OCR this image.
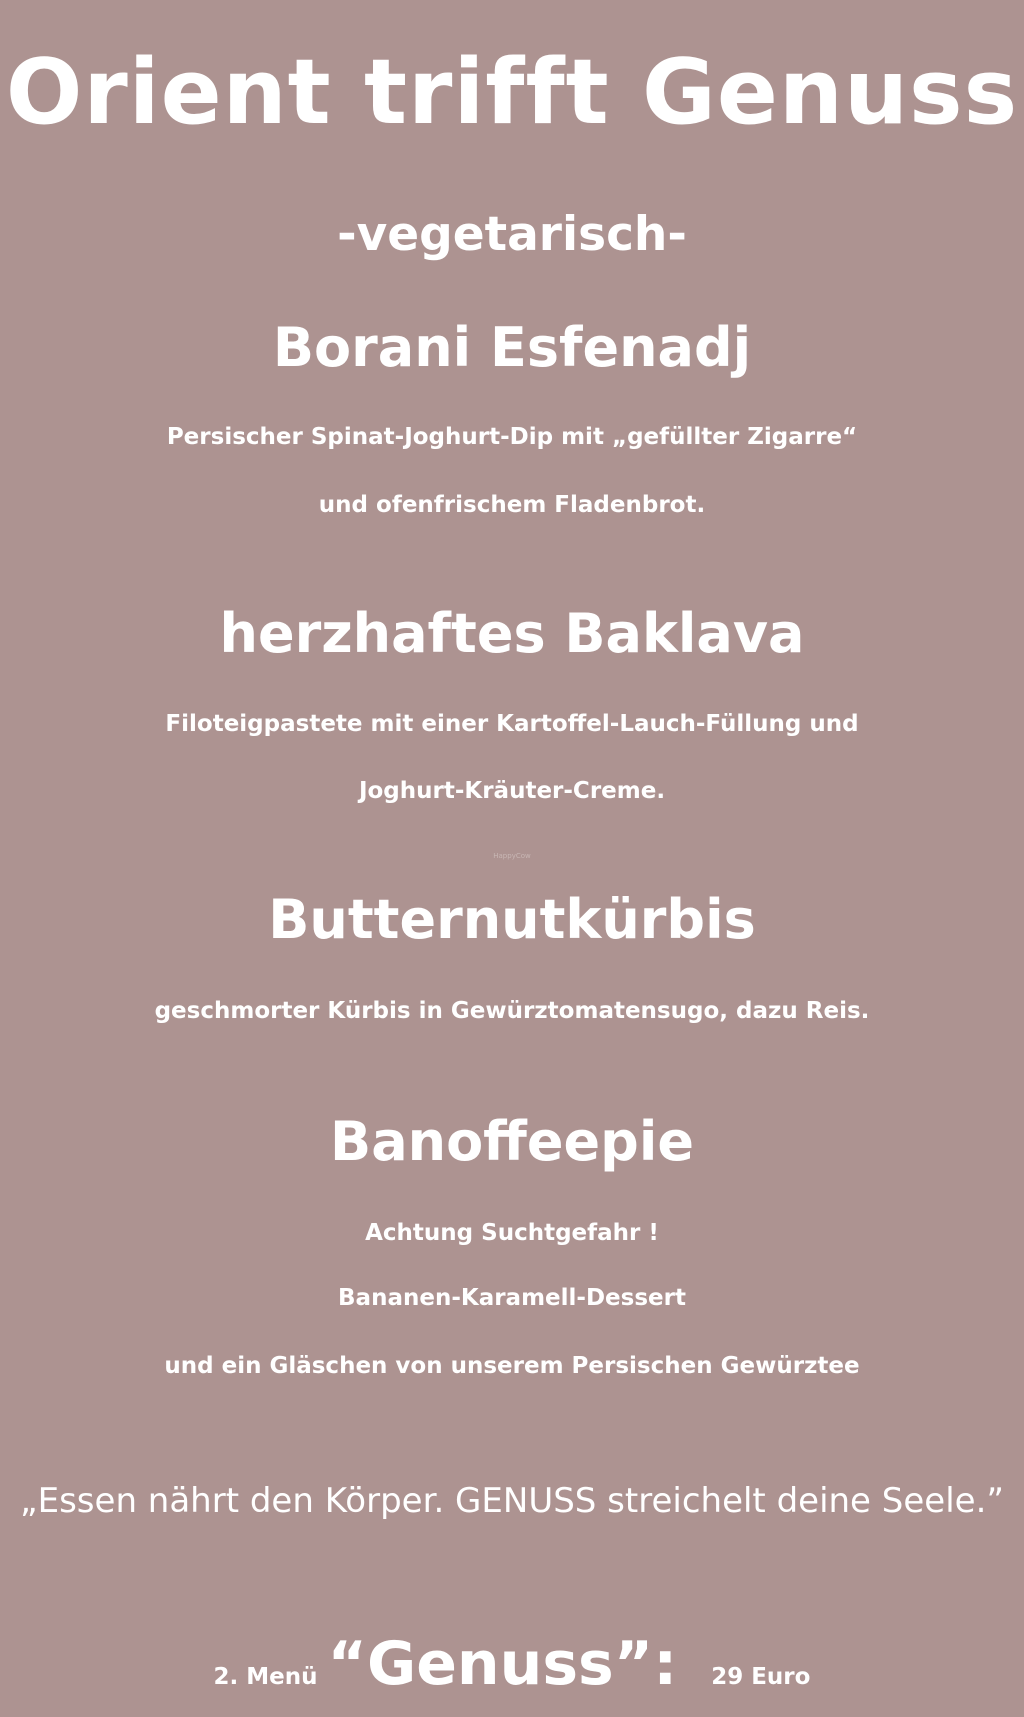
Orient trifft Genuss
-vegetarisch-
Borani Esfenadj
Persischer Spinat-Joghurt-Dip mit „gefüllter Zigarre“
und ofenfrischem Fladenbrot.
herzhaftes Baklava
Filoteigpastete mit einer Kartoffel-Lauch-Füllung und
Joghurt-Kräuter-Creme.
HappyCow
Butternutkürbis
geschmorter Kürbis in Gewürztomatensugo, dazu Reis.
Banoffeepie
Achtung Suchtgefahr !
Bananen-Karamell-Dessert
und ein Gläschen von unserem Persischen Gewürztee
„Essen nährt den Körper. GENUSS streichelt deine Seele.”
2. Menü “Genuss”: 29 Euro
